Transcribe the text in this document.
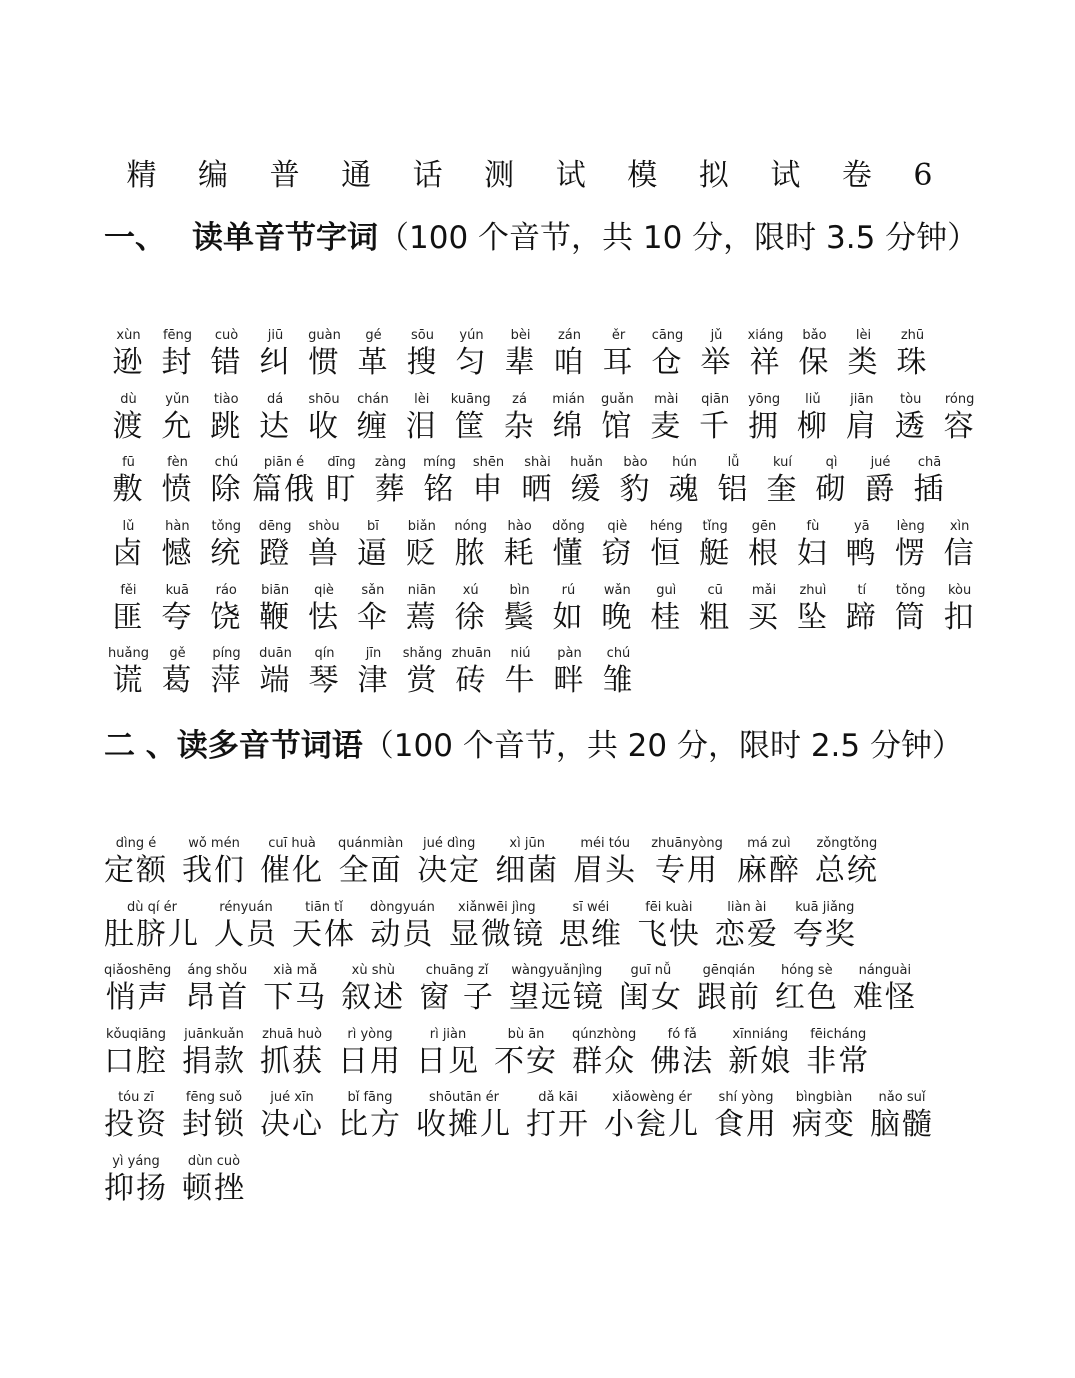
精 编 普 通 话 测 试 模 拟 试 卷 6
一、 读单音节字词（100 个音节，共 10 分，限时 3.5 分钟）
xùn
逊
fēng
封
cuò
错
jiū
纠
guàn
惯
gé
革
sōu
搜
yún
匀
bèi
辈
zán
咱
ěr
耳
cāng
仓
jǔ
举
xiáng
祥
bǎo
保
lèi
类
zhū
珠
dù
渡
yǔn
允
tiào
跳
dá
达
shōu
收
chán
缠
lèi
泪
kuāng
筐
zá
杂
mián
绵
guǎn
馆
mài
麦
qiān
千
yōng
拥
liǔ
柳
jiān
肩
tòu
透
róng
容
fū
敷
fèn
愤
chú
除
piān é
篇俄
dīng
盯
zàng
葬
míng
铭
shēn
申
shài
晒
huǎn
缓
bào
豹
hún
魂
lǚ
铝
kuí
奎
qì
砌
jué
爵
chā
插
lǔ
卤
hàn
憾
tǒng
统
dēng
蹬
shòu
兽
bī
逼
biǎn
贬
nóng
脓
hào
耗
dǒng
懂
qiè
窃
héng
恒
tǐng
艇
gēn
根
fù
妇
yā
鸭
lèng
愣
xìn
信
fěi
匪
kuā
夸
ráo
饶
biān
鞭
qiè
怯
sǎn
伞
niān
蔫
xú
徐
bìn
鬓
rú
如
wǎn
晚
guì
桂
cū
粗
mǎi
买
zhuì
坠
tí
蹄
tǒng
筒
kòu
扣
huǎng
谎
gě
葛
píng
萍
duān
端
qín
琴
jīn
津
shǎng
赏
zhuān
砖
niú
牛
pàn
畔
chú
雏
二 、读多音节词语（100 个音节，共 20 分，限时 2.5 分钟）
dìng é
定额
wǒ mén
我们
cuī huà
催化
quánmiàn
全面
jué dìng
决定
xì jūn
细菌
méi tóu
眉头
zhuānyòng
专用
má zuì
麻醉
zǒngtǒng
总统
dù qí ér
肚脐儿
rényuán
人员
tiān tǐ
天体
dòngyuán
动员
xiǎnwēi jìng
显微镜
sī wéi
思维
fēi kuài
飞快
liàn ài
恋爱
kuā jiǎng
夸奖
qiǎoshēng
悄声
áng shǒu
昂首
xià mǎ
下马
xù shù
叙述
chuāng zǐ
窗 子
wàngyuǎnjìng
望远镜
guī nǚ
闺女
gēnqián
跟前
hóng sè
红色
nánguài
难怪
kǒuqiāng
口腔
juānkuǎn
捐款
zhuā huò
抓获
rì yòng
日用
rì jiàn
日见
bù ān
不安
qúnzhòng
群众
fó fǎ
佛法
xīnniáng
新娘
fēicháng
非常
tóu zī
投资
fēng suǒ
封锁
jué xīn
决心
bǐ fāng
比方
shōutān ér
收摊儿
dǎ kāi
打开
xiǎowèng ér
小瓮儿
shí yòng
食用
bìngbiàn
病变
nǎo suǐ
脑髓
yì yáng
抑扬
dùn cuò
顿挫
